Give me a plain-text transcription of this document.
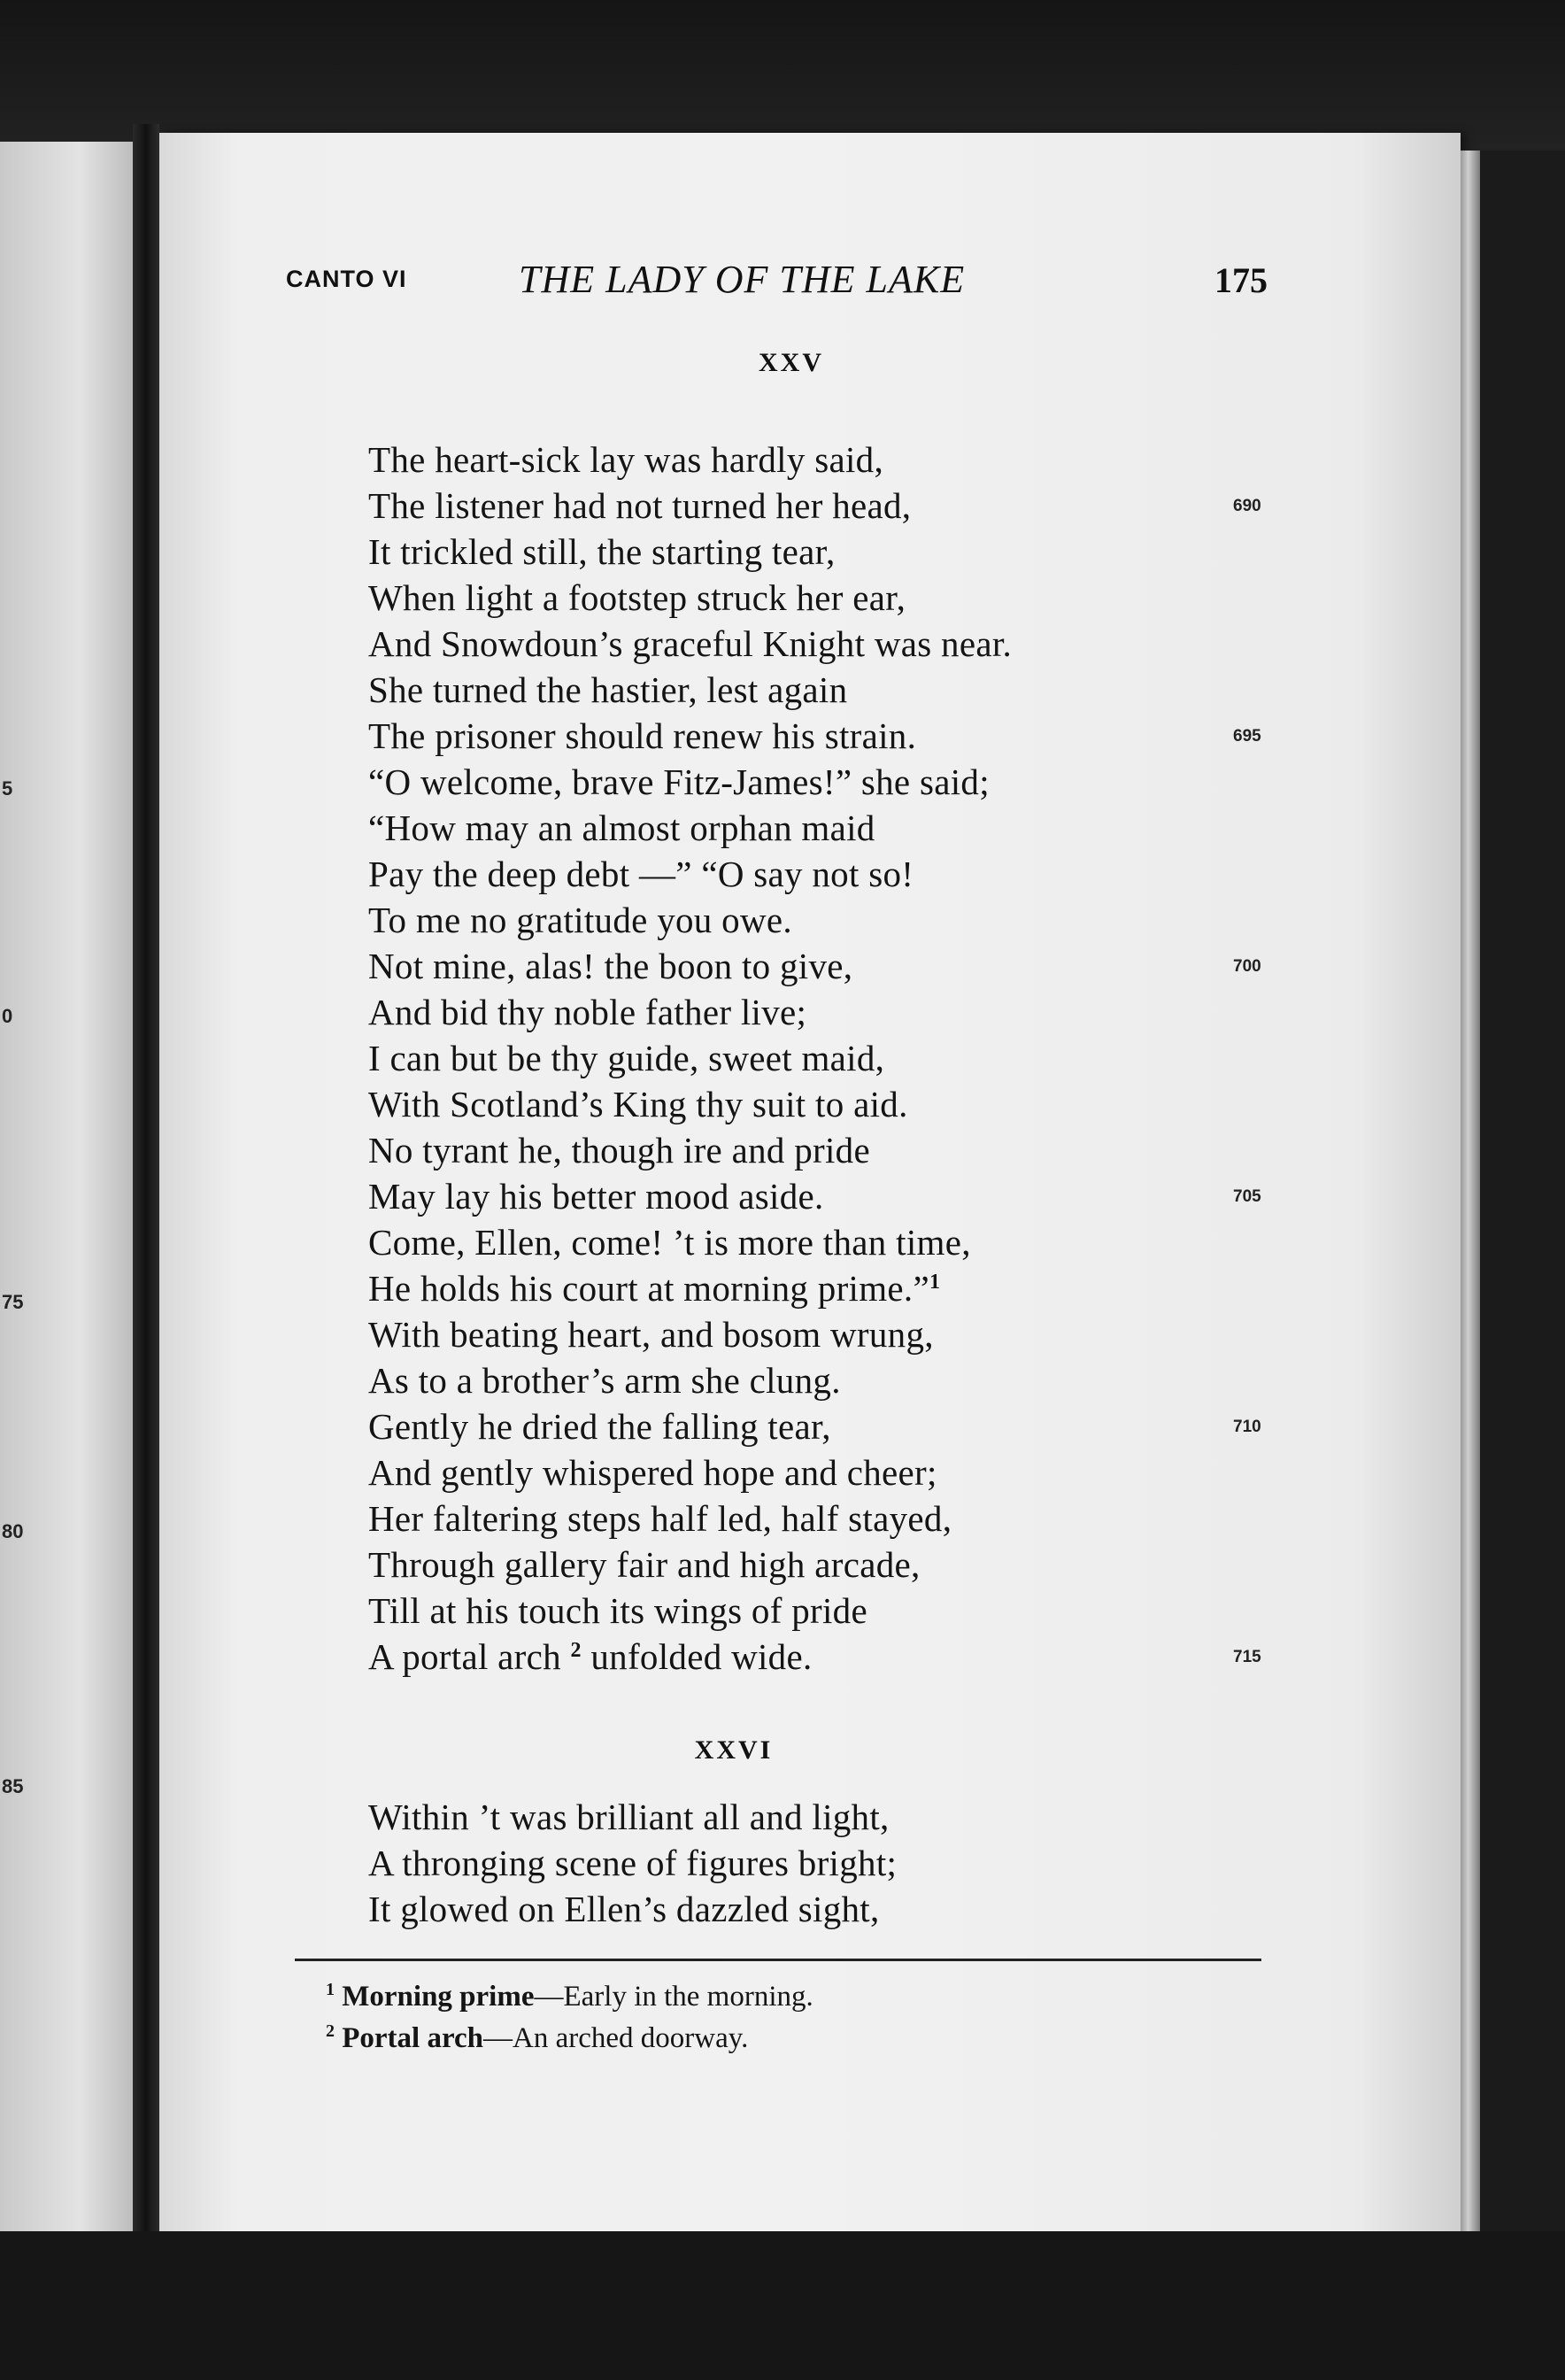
5
0
75
80
85
CANTO VI	THE LADY OF THE LAKE	175
XXV
The heart-sick lay was hardly said,
The listener had not turned her head,
It trickled still, the starting tear,
When light a footstep struck her ear,
And Snowdoun’s graceful Knight was near.
She turned the hastier, lest again
The prisoner should renew his strain.
“O welcome, brave Fitz-James!” she said;
“How may an almost orphan maid
Pay the deep debt —” “O say not so!
To me no gratitude you owe.
Not mine, alas! the boon to give,
And bid thy noble father live;
I can but be thy guide, sweet maid,
With Scotland’s King thy suit to aid.
No tyrant he, though ire and pride
May lay his better mood aside.
Come, Ellen, come! ’t is more than time,
He holds his court at morning prime.”$^1$
With beating heart, and bosom wrung,
As to a brother’s arm she clung.
Gently he dried the falling tear,
And gently whispered hope and cheer;
Her faltering steps half led, half stayed,
Through gallery fair and high arcade,
Till at his touch its wings of pride
A portal arch $^2$ unfolded wide.
690
695
700
705
710
715
XXVI
Within ’t was brilliant all and light,
A thronging scene of figures bright;
It glowed on Ellen’s dazzled sight,
$^1$ Morning prime—Early in the morning.
$^2$ Portal arch—An arched doorway.
